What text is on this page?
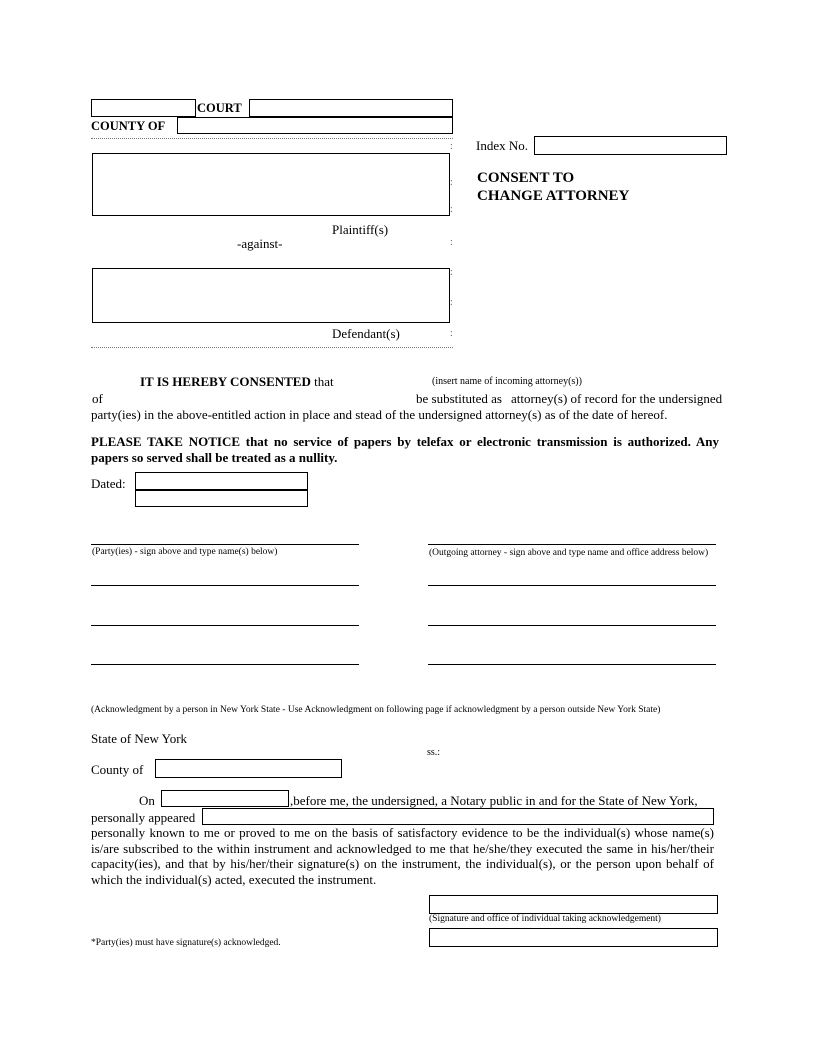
COURT
COUNTY OF
:
:
:
Plaintiff(s)
-against-	:
:
:
Defendant(s)	:
Index No.
CONSENT TO
CHANGE ATTORNEY
IT IS HEREBY CONSENTED that	(insert name of incoming attorney(s))
of	be substituted as attorney(s) of record for the undersigned
party(ies) in the above-entitled action in place and stead of the undersigned attorney(s) as of the date of hereof.
PLEASE TAKE NOTICE that no service of papers by telefax or electronic transmission is authorized. Any papers so served shall be treated as a nullity.
Dated:
(Party(ies) - sign above and type name(s) below)	(Outgoing attorney - sign above and type name and office address below)
(Acknowledgment by a person in New York State - Use Acknowledgment on following page if acknowledgment by a person outside New York State)
State of New York
ss.:
County of
On	,before me, the undersigned, a Notary public in and for the State of New York,
personally appeared
personally known to me or proved to me on the basis of satisfactory evidence to be the individual(s) whose name(s) is/are subscribed to the within instrument and acknowledged to me that he/she/they executed the same in his/her/their capacity(ies), and that by his/her/their signature(s) on the instrument, the individual(s), or the person upon behalf of which the individual(s) acted, executed the instrument.
(Signature and office of individual taking acknowledgement)
*Party(ies) must have signature(s) acknowledged.
